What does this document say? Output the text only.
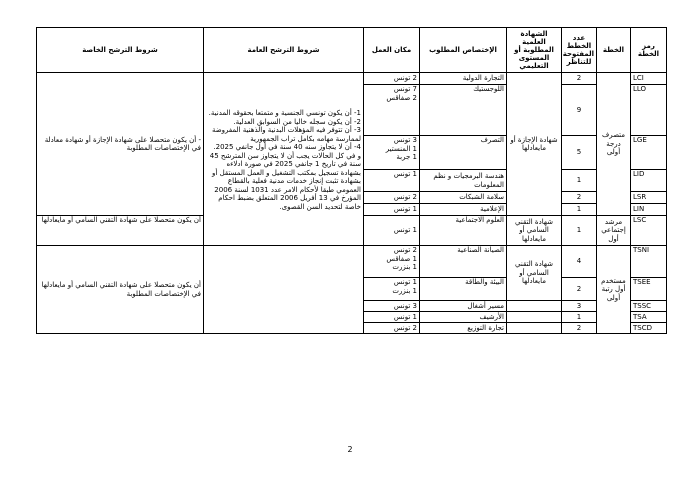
رمز الخطة	الخطة	عدد الخطط المفتوحة للتناظر	الشهادة العلمية المطلوبة أو المستوى التعليمي	الإختصاص المطلوب	مكان العمل	شروط الترشح العامة	شروط الترشح الخاصة
LCI	متصرف درجة أولى	2	شهادة الإجازة أو مايعادلها	التجارة الدولية	2 تونس	1- أن يكون تونسي الجنسية و متمتعا بحقوقه المدنية.
2- أن يكون سجله خاليا من السوابق العدلية.
3- أن تتوفر فيه المؤهلات البدنية والذهنية المفروضة لممارسة مهامه بكامل تراب الجمهورية
4- أن لا يتجاوز سنه 40 سنة في أول جانفي 2025.
و في كل الحالات يجب أن لا يتجاوز سن المترشح 45 سنة في تاريخ 1 جانفي 2025 في صورة ادلاءه بشهادة تسجيل بمكتب التشغيل و العمل المستقل أو بشهادة تثبت إنجاز خدمات مدنية فعلية بالقطاع العمومي طبقا لأحكام الامر عدد 1031 لسنة 2006 المؤرخ في 13 أفريل 2006 المتعلق بضبط احكام خاصة لتحديد السن القصوى.	- أن يكون متحصلا على شهادة الإجازة أو شهادة معادلة في الإختصاصات المطلوبة
LLO		9		اللوجستيك	7 تونس
2 صفاقس		

LGE		5		التصرف	3 تونس
1 المنستير
1 جربة		

LID		1		هندسة البرمجيات و نظم المعلومات	1 تونس		

LSR		2		سلامة الشبكات	2 تونس		

LIN		1		الإعلامية	1 تونس		

LSC	مرشد إجتماعي أول	1	شهادة التقني السامي أو مايعادلها	العلوم الاجتماعية	1 تونس		أن يكون متحصلا على شهادة التقني السامي أو مايعادلها
TSNI	مستخدم أول رتبة أولى	4	شهادة التقني السامي أو مايعادلها	الصيانة الصناعية	2 تونس
1 صفاقس
1 بنزرت		أن يكون متحصلا على شهادة التقني السامي أو مايعادلها في الإختصاصات المطلوبة
TSEE		2		البيئة والطاقة	1 تونس
1 بنزرت		

TSSC		3		مسير أشغال	3 تونس		

TSA		1		الأرشيف	1 تونس		

TSCD		2		تجارة التوزيع	2 تونس		
2
